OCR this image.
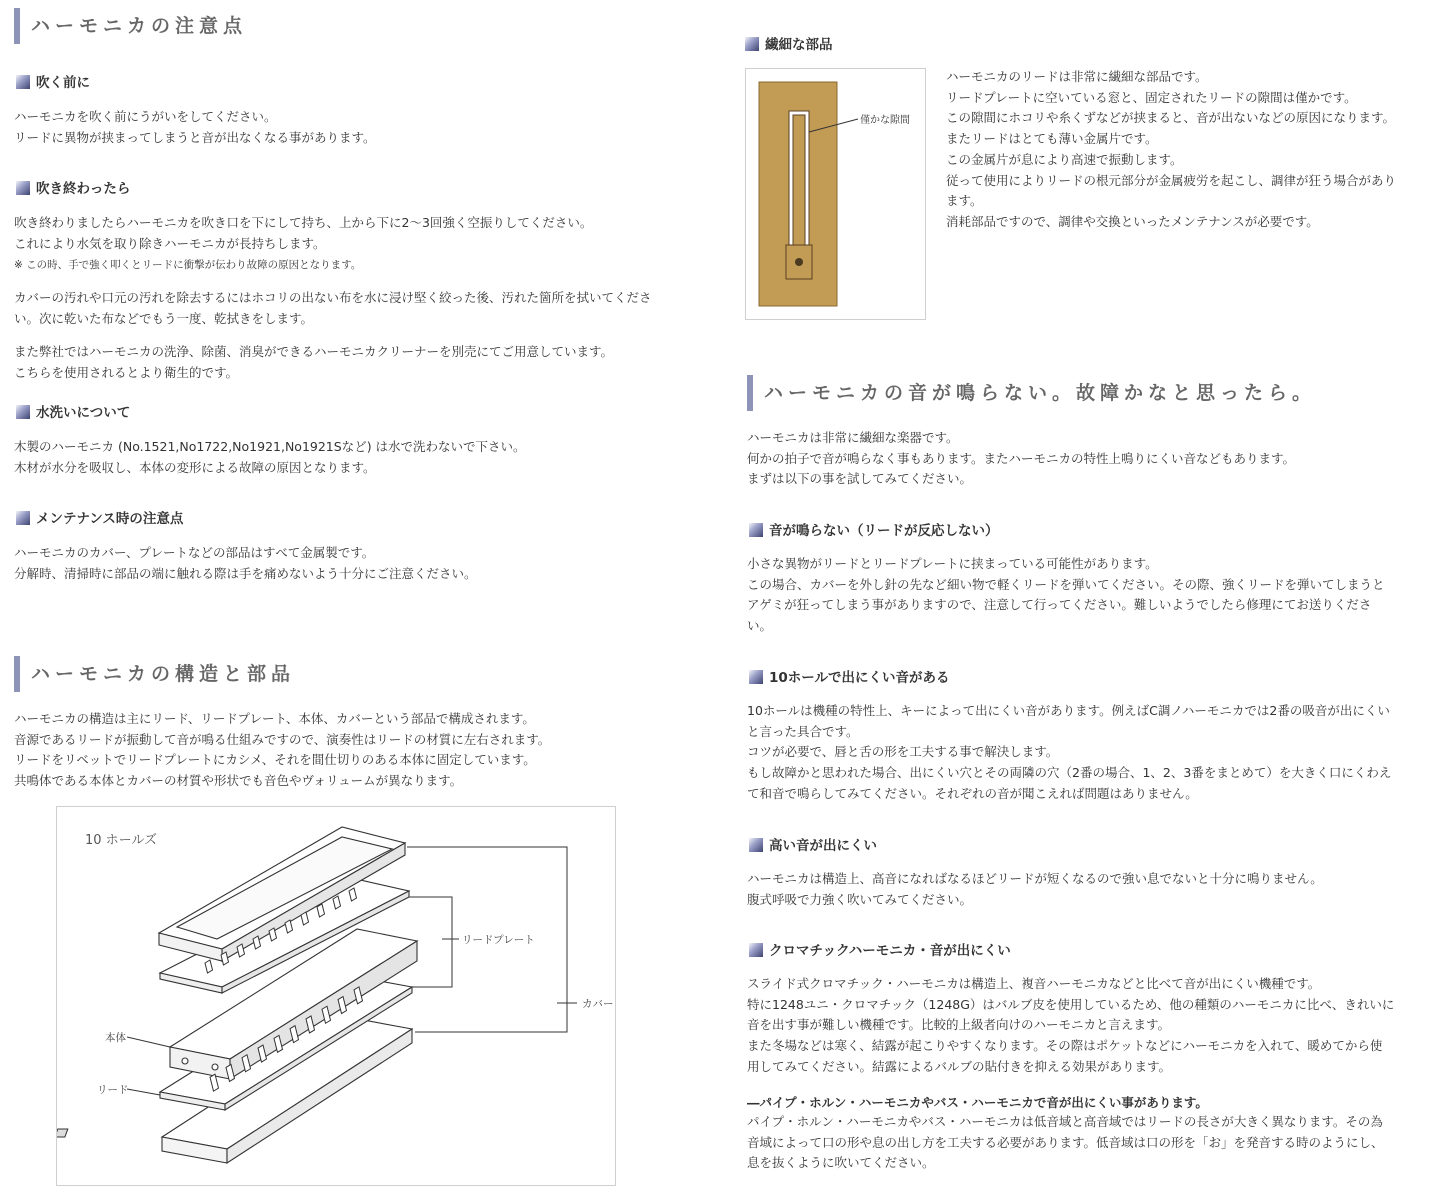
ハーモニカの注意点
吹く前に
ハーモニカを吹く前にうがいをしてください。
リードに異物が挟まってしまうと音が出なくなる事があります。
吹き終わったら
吹き終わりましたらハーモニカを吹き口を下にして持ち、上から下に2〜3回強く空振りしてください。
これにより水気を取り除きハーモニカが長持ちします。
※ この時、手で強く叩くとリードに衝撃が伝わり故障の原因となります。
カバーの汚れや口元の汚れを除去するにはホコリの出ない布を水に浸け堅く絞った後、汚れた箇所を拭いてくださ
い。次に乾いた布などでもう一度、乾拭きをします。
また弊社ではハーモニカの洗浄、除菌、消臭ができるハーモニカクリーナーを別売にてご用意しています。
こちらを使用されるとより衛生的です。
水洗いについて
木製のハーモニカ (No.1521,No1722,No1921,No1921Sなど) は水で洗わないで下さい。
木材が水分を吸収し、本体の変形による故障の原因となります。
メンテナンス時の注意点
ハーモニカのカバー、プレートなどの部品はすべて金属製です。
分解時、清掃時に部品の端に触れる際は手を痛めないよう十分にご注意ください。
ハーモニカの構造と部品
ハーモニカの構造は主にリード、リードプレート、本体、カバーという部品で構成されます。
音源であるリードが振動して音が鳴る仕組みですので、演奏性はリードの材質に左右されます。
リードをリベットでリードプレートにカシメ、それを間仕切りのある本体に固定しています。
共鳴体である本体とカバーの材質や形状でも音色やヴォリュームが異なります。
10 ホールズ
リードプレート
カバー
本体
リード
繊細な部品
僅かな隙間
ハーモニカのリードは非常に繊細な部品です。
リードプレートに空いている窓と、固定されたリードの隙間は僅かです。
この隙間にホコリや糸くずなどが挟まると、音が出ないなどの原因になります。
またリードはとても薄い金属片です。
この金属片が息により高速で振動します。
従って使用によりリードの根元部分が金属疲労を起こし、調律が狂う場合があり
ます。
消耗部品ですので、調律や交換といったメンテナンスが必要です。
ハーモニカの音が鳴らない。故障かなと思ったら。
ハーモニカは非常に繊細な楽器です。
何かの拍子で音が鳴らなく事もあります。またハーモニカの特性上鳴りにくい音などもあります。
まずは以下の事を試してみてください。
音が鳴らない（リードが反応しない）
小さな異物がリードとリードプレートに挟まっている可能性があります。
この場合、カバーを外し針の先など細い物で軽くリードを弾いてください。その際、強くリードを弾いてしまうと
アゲミが狂ってしまう事がありますので、注意して行ってください。難しいようでしたら修理にてお送りくださ
い。
10ホールで出にくい音がある
10ホールは機種の特性上、キーによって出にくい音があります。例えばC調ノハーモニカでは2番の吸音が出にくい
と言った具合です。
コツが必要で、唇と舌の形を工夫する事で解決します。
もし故障かと思われた場合、出にくい穴とその両隣の穴（2番の場合、1、2、3番をまとめて）を大きく口にくわえ
て和音で鳴らしてみてください。それぞれの音が聞こえれば問題はありません。
高い音が出にくい
ハーモニカは構造上、高音になればなるほどリードが短くなるので強い息でないと十分に鳴りません。
腹式呼吸で力強く吹いてみてください。
クロマチックハーモニカ・音が出にくい
スライド式クロマチック・ハーモニカは構造上、複音ハーモニカなどと比べて音が出にくい機種です。
特に1248ユニ・クロマチック（1248G）はバルブ皮を使用しているため、他の種類のハーモニカに比べ、きれいに
音を出す事が難しい機種です。比較的上級者向けのハーモニカと言えます。
また冬場などは寒く、結露が起こりやすくなります。その際はポケットなどにハーモニカを入れて、暖めてから使
用してみてください。結露によるバルブの貼付きを抑える効果があります。
―パイプ・ホルン・ハーモニカやバス・ハーモニカで音が出にくい事があります。
パイプ・ホルン・ハーモニカやバス・ハーモニカは低音域と高音域ではリードの長さが大きく異なります。その為
音域によって口の形や息の出し方を工夫する必要があります。低音域は口の形を「お」を発音する時のようにし、
息を抜くように吹いてください。
